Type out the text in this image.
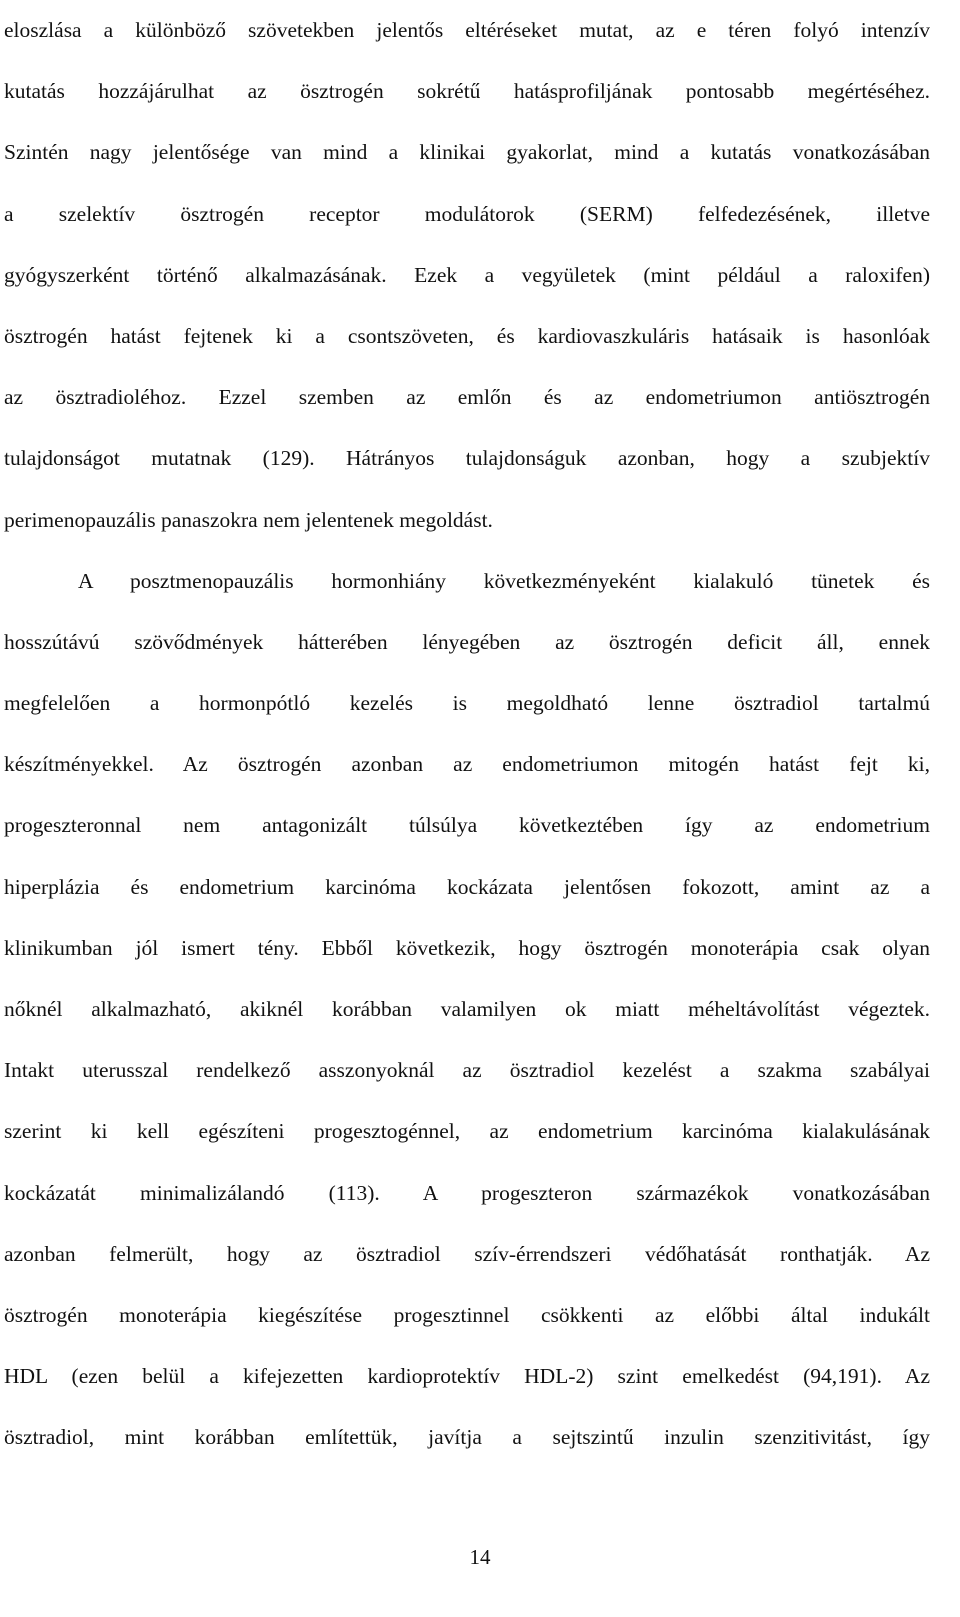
eloszlása a különböző szövetekben jelentős eltéréseket mutat, az e téren folyó intenzív
kutatás hozzájárulhat az ösztrogén sokrétű hatásprofiljának pontosabb megértéséhez.
Szintén nagy jelentősége van mind a klinikai gyakorlat, mind a kutatás vonatkozásában
a szelektív ösztrogén receptor modulátorok (SERM) felfedezésének, illetve
gyógyszerként történő alkalmazásának. Ezek a vegyületek (mint például a raloxifen)
ösztrogén hatást fejtenek ki a csontszöveten, és kardiovaszkuláris hatásaik is hasonlóak
az ösztradioléhoz. Ezzel szemben az emlőn és az endometriumon antiösztrogén
tulajdonságot mutatnak (129). Hátrányos tulajdonságuk azonban, hogy a szubjektív
perimenopauzális panaszokra nem jelentenek megoldást.
A posztmenopauzális hormonhiány következményeként kialakuló tünetek és
hosszútávú szövődmények hátterében lényegében az ösztrogén deficit áll, ennek
megfelelően a hormonpótló kezelés is megoldható lenne ösztradiol tartalmú
készítményekkel. Az ösztrogén azonban az endometriumon mitogén hatást fejt ki,
progeszteronnal nem antagonizált túlsúlya következtében így az endometrium
hiperplázia és endometrium karcinóma kockázata jelentősen fokozott, amint az a
klinikumban jól ismert tény. Ebből következik, hogy ösztrogén monoterápia csak olyan
nőknél alkalmazható, akiknél korábban valamilyen ok miatt méheltávolítást végeztek.
Intakt uterusszal rendelkező asszonyoknál az ösztradiol kezelést a szakma szabályai
szerint ki kell egészíteni progesztogénnel, az endometrium karcinóma kialakulásának
kockázatát minimalizálandó (113). A progeszteron származékok vonatkozásában
azonban felmerült, hogy az ösztradiol szív-érrendszeri védőhatását ronthatják. Az
ösztrogén monoterápia kiegészítése progesztinnel csökkenti az előbbi által indukált
HDL (ezen belül a kifejezetten kardioprotektív HDL-2) szint emelkedést (94,191). Az
ösztradiol, mint korábban említettük, javítja a sejtszintű inzulin szenzitivitást, így
14
